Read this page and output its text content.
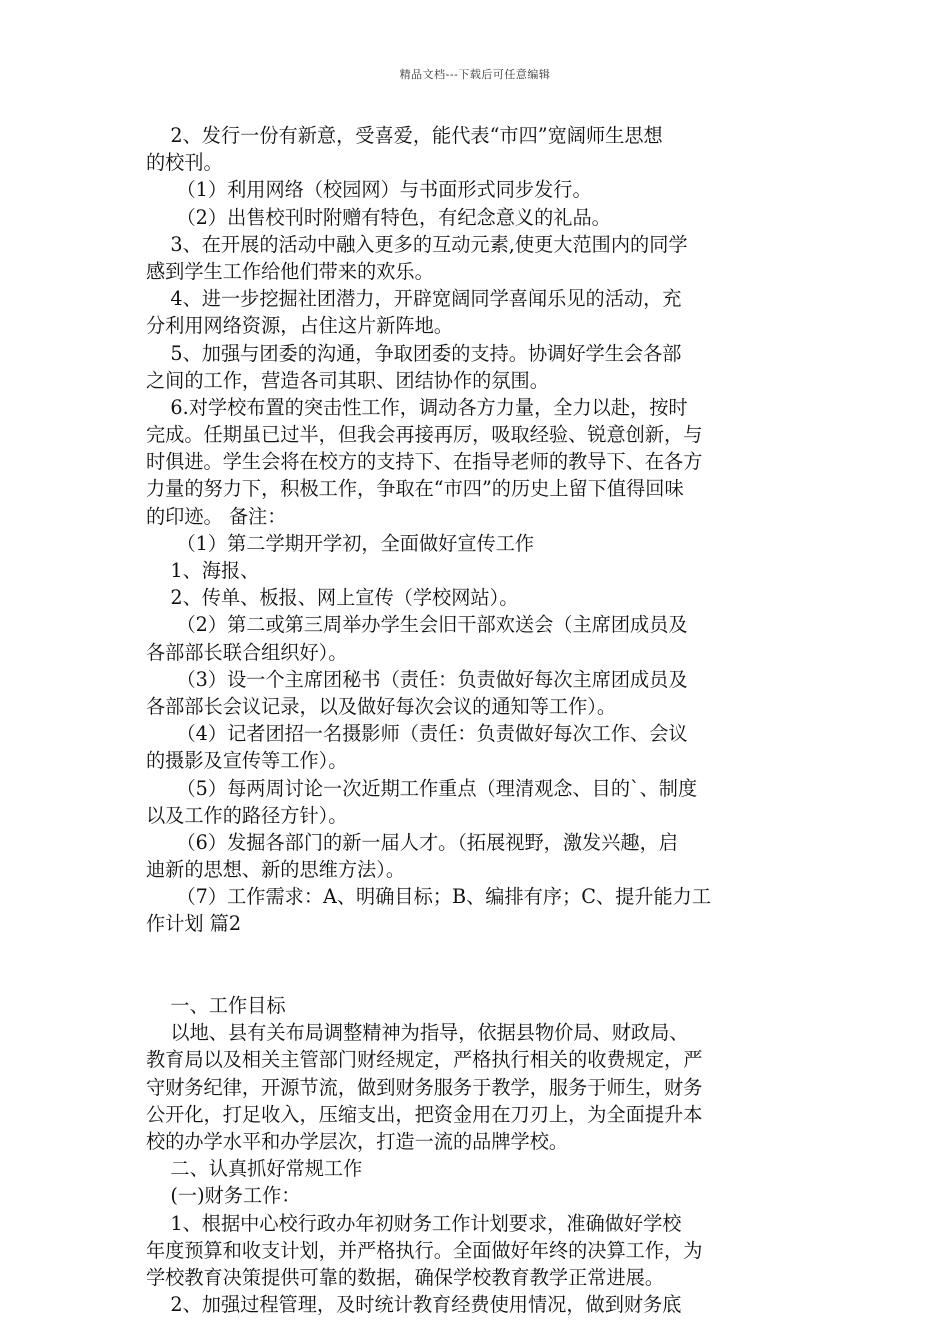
精品文档---下载后可任意编辑
2、发行一份有新意，受喜爱，能代表“市四”宽阔师生思想
的校刊。
（1）利用网络（校园网）与书面形式同步发行。
（2）出售校刊时附赠有特色，有纪念意义的礼品。
3、在开展的活动中融入更多的互动元素,使更大范围内的同学
感到学生工作给他们带来的欢乐。
4、进一步挖掘社团潜力，开辟宽阔同学喜闻乐见的活动，充
分利用网络资源，占住这片新阵地。
5、加强与团委的沟通，争取团委的支持。协调好学生会各部
之间的工作，营造各司其职、团结协作的氛围。
6.对学校布置的突击性工作，调动各方力量，全力以赴，按时
完成。任期虽已过半，但我会再接再厉，吸取经验、锐意创新，与
时俱进。学生会将在校方的支持下、在指导老师的教导下、在各方
力量的努力下，积极工作，争取在“市四”的历史上留下值得回味
的印迹。 备注：
（1）第二学期开学初，全面做好宣传工作
1、海报、
2、传单、板报、网上宣传（学校网站）。
（2）第二或第三周举办学生会旧干部欢送会（主席团成员及
各部部长联合组织好）。
（3）设一个主席团秘书（责任：负责做好每次主席团成员及
各部部长会议记录，以及做好每次会议的通知等工作）。
（4）记者团招一名摄影师（责任：负责做好每次工作、会议
的摄影及宣传等工作）。
（5）每两周讨论一次近期工作重点（理清观念、目的`、制度
以及工作的路径方针）。
（6）发掘各部门的新一届人才。（拓展视野，激发兴趣，启
迪新的思想、新的思维方法）。
（7）工作需求：A、明确目标；B、编排有序；C、提升能力工
作计划 篇2
一、工作目标
以地、县有关布局调整精神为指导，依据县物价局、财政局、
教育局以及相关主管部门财经规定，严格执行相关的收费规定，严
守财务纪律，开源节流，做到财务服务于教学，服务于师生，财务
公开化，打足收入，压缩支出，把资金用在刀刃上，为全面提升本
校的办学水平和办学层次，打造一流的品牌学校。
二、认真抓好常规工作
(一)财务工作：
1、根据中心校行政办年初财务工作计划要求，准确做好学校
年度预算和收支计划，并严格执行。全面做好年终的决算工作，为
学校教育决策提供可靠的数据，确保学校教育教学正常进展。
2、加强过程管理，及时统计教育经费使用情况，做到财务底
